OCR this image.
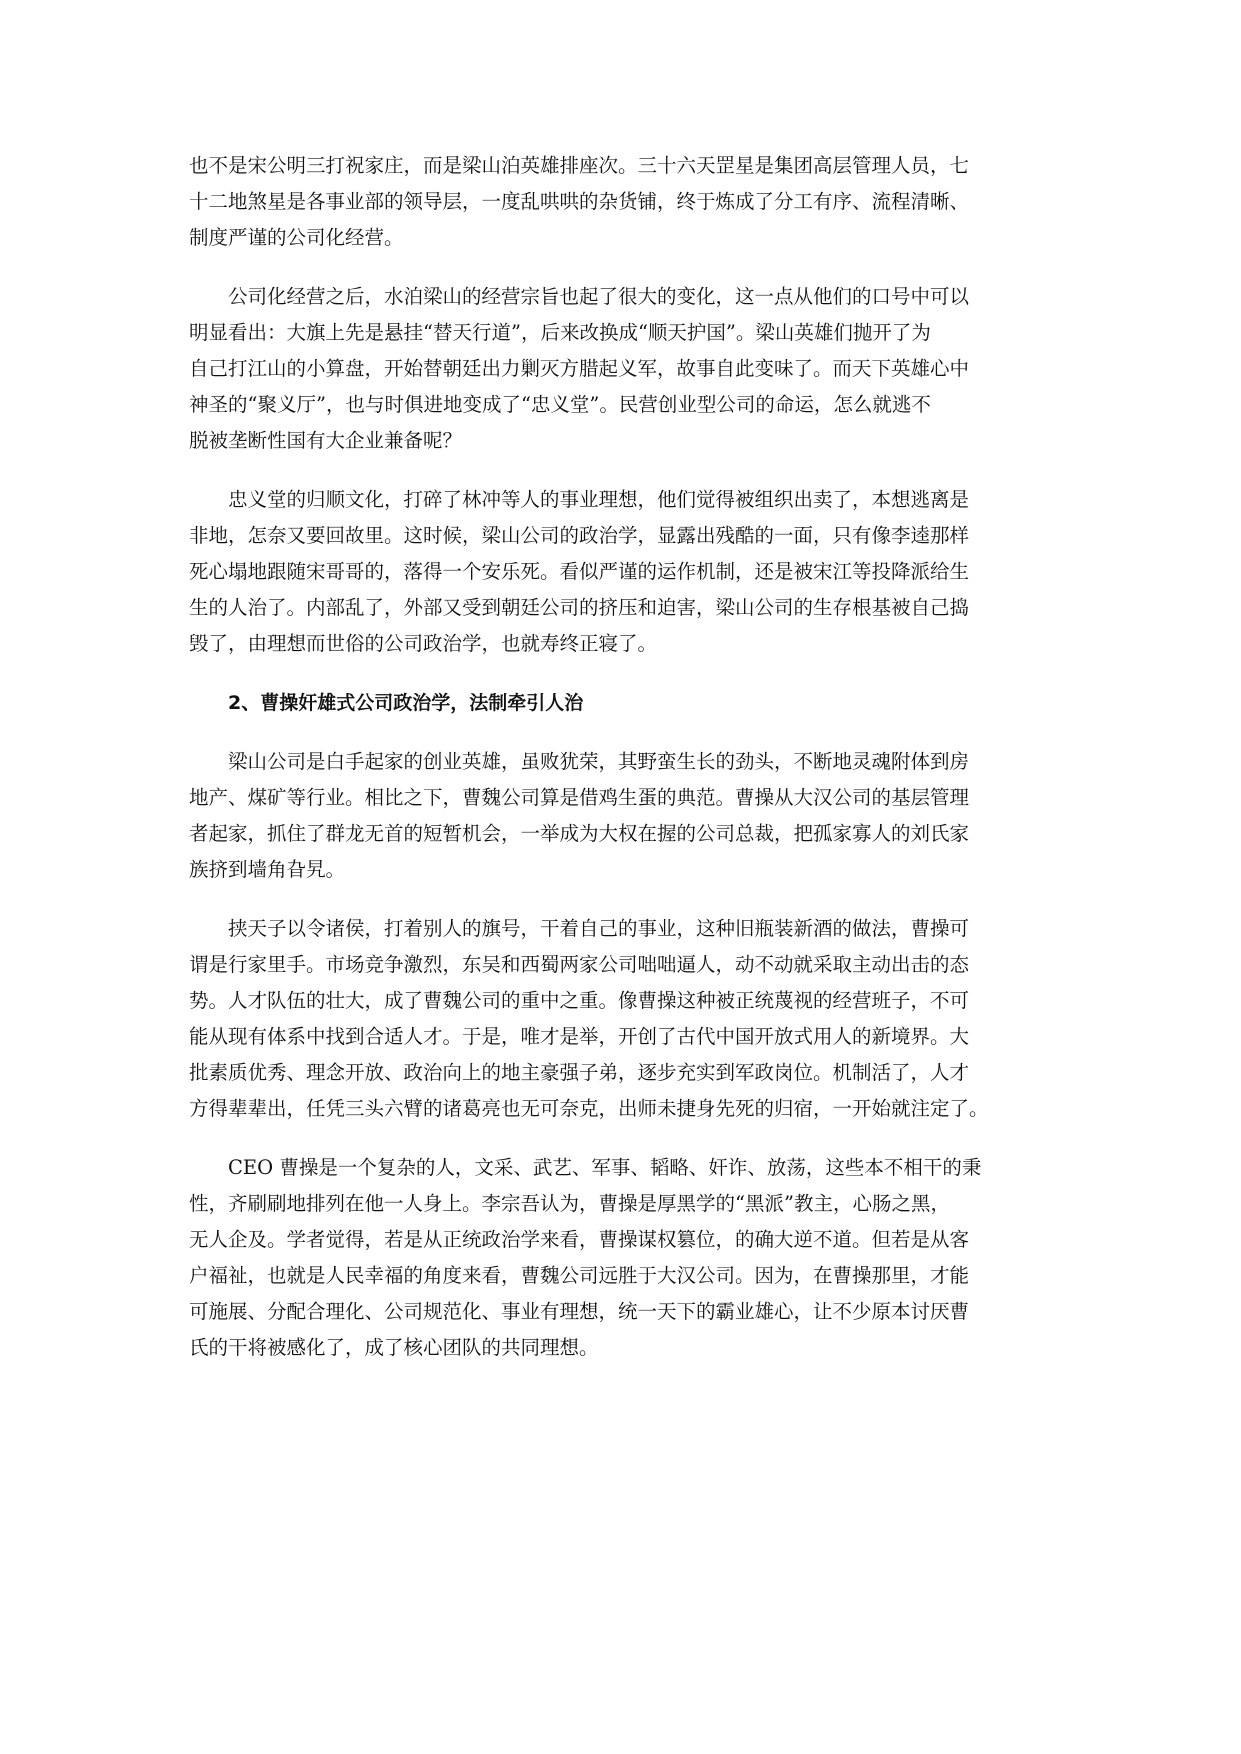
也不是宋公明三打祝家庄，而是梁山泊英雄排座次。三十六天罡星是集团高层管理人员，七
十二地煞星是各事业部的领导层，一度乱哄哄的杂货铺，终于炼成了分工有序、流程清晰、
制度严谨的公司化经营。
公司化经营之后，水泊梁山的经营宗旨也起了很大的变化，这一点从他们的口号中可以
明显看出：大旗上先是悬挂“替天行道”，后来改换成“顺天护国”。梁山英雄们抛开了为
自己打江山的小算盘，开始替朝廷出力剿灭方腊起义军，故事自此变味了。而天下英雄心中
神圣的“聚义厅”，也与时俱进地变成了“忠义堂”。民营创业型公司的命运，怎么就逃不
脱被垄断性国有大企业兼备呢？
忠义堂的归顺文化，打碎了林冲等人的事业理想，他们觉得被组织出卖了，本想逃离是
非地，怎奈又要回故里。这时候，梁山公司的政治学，显露出残酷的一面，只有像李逵那样
死心塌地跟随宋哥哥的，落得一个安乐死。看似严谨的运作机制，还是被宋江等投降派给生
生的人治了。内部乱了，外部又受到朝廷公司的挤压和迫害，梁山公司的生存根基被自己捣
毁了，由理想而世俗的公司政治学，也就寿终正寝了。
2、曹操奸雄式公司政治学，法制牵引人治
梁山公司是白手起家的创业英雄，虽败犹荣，其野蛮生长的劲头，不断地灵魂附体到房
地产、煤矿等行业。相比之下，曹魏公司算是借鸡生蛋的典范。曹操从大汉公司的基层管理
者起家，抓住了群龙无首的短暂机会，一举成为大权在握的公司总裁，把孤家寡人的刘氏家
族挤到墙角旮旯。
挟天子以令诸侯，打着别人的旗号，干着自己的事业，这种旧瓶装新酒的做法，曹操可
谓是行家里手。市场竞争激烈，东吴和西蜀两家公司咄咄逼人，动不动就采取主动出击的态
势。人才队伍的壮大，成了曹魏公司的重中之重。像曹操这种被正统蔑视的经营班子，不可
能从现有体系中找到合适人才。于是，唯才是举，开创了古代中国开放式用人的新境界。大
批素质优秀、理念开放、政治向上的地主豪强子弟，逐步充实到军政岗位。机制活了，人才
方得辈辈出，任凭三头六臂的诸葛亮也无可奈克，出师未捷身先死的归宿，一开始就注定了。
CEO 曹操是一个复杂的人，文采、武艺、军事、韬略、奸诈、放荡，这些本不相干的秉
性，齐刷刷地排列在他一人身上。李宗吾认为，曹操是厚黑学的“黑派”教主，心肠之黑，
无人企及。学者觉得，若是从正统政治学来看，曹操谋权篡位，的确大逆不道。但若是从客
户福祉，也就是人民幸福的角度来看，曹魏公司远胜于大汉公司。因为，在曹操那里，才能
可施展、分配合理化、公司规范化、事业有理想，统一天下的霸业雄心，让不少原本讨厌曹
氏的干将被感化了，成了核心团队的共同理想。
